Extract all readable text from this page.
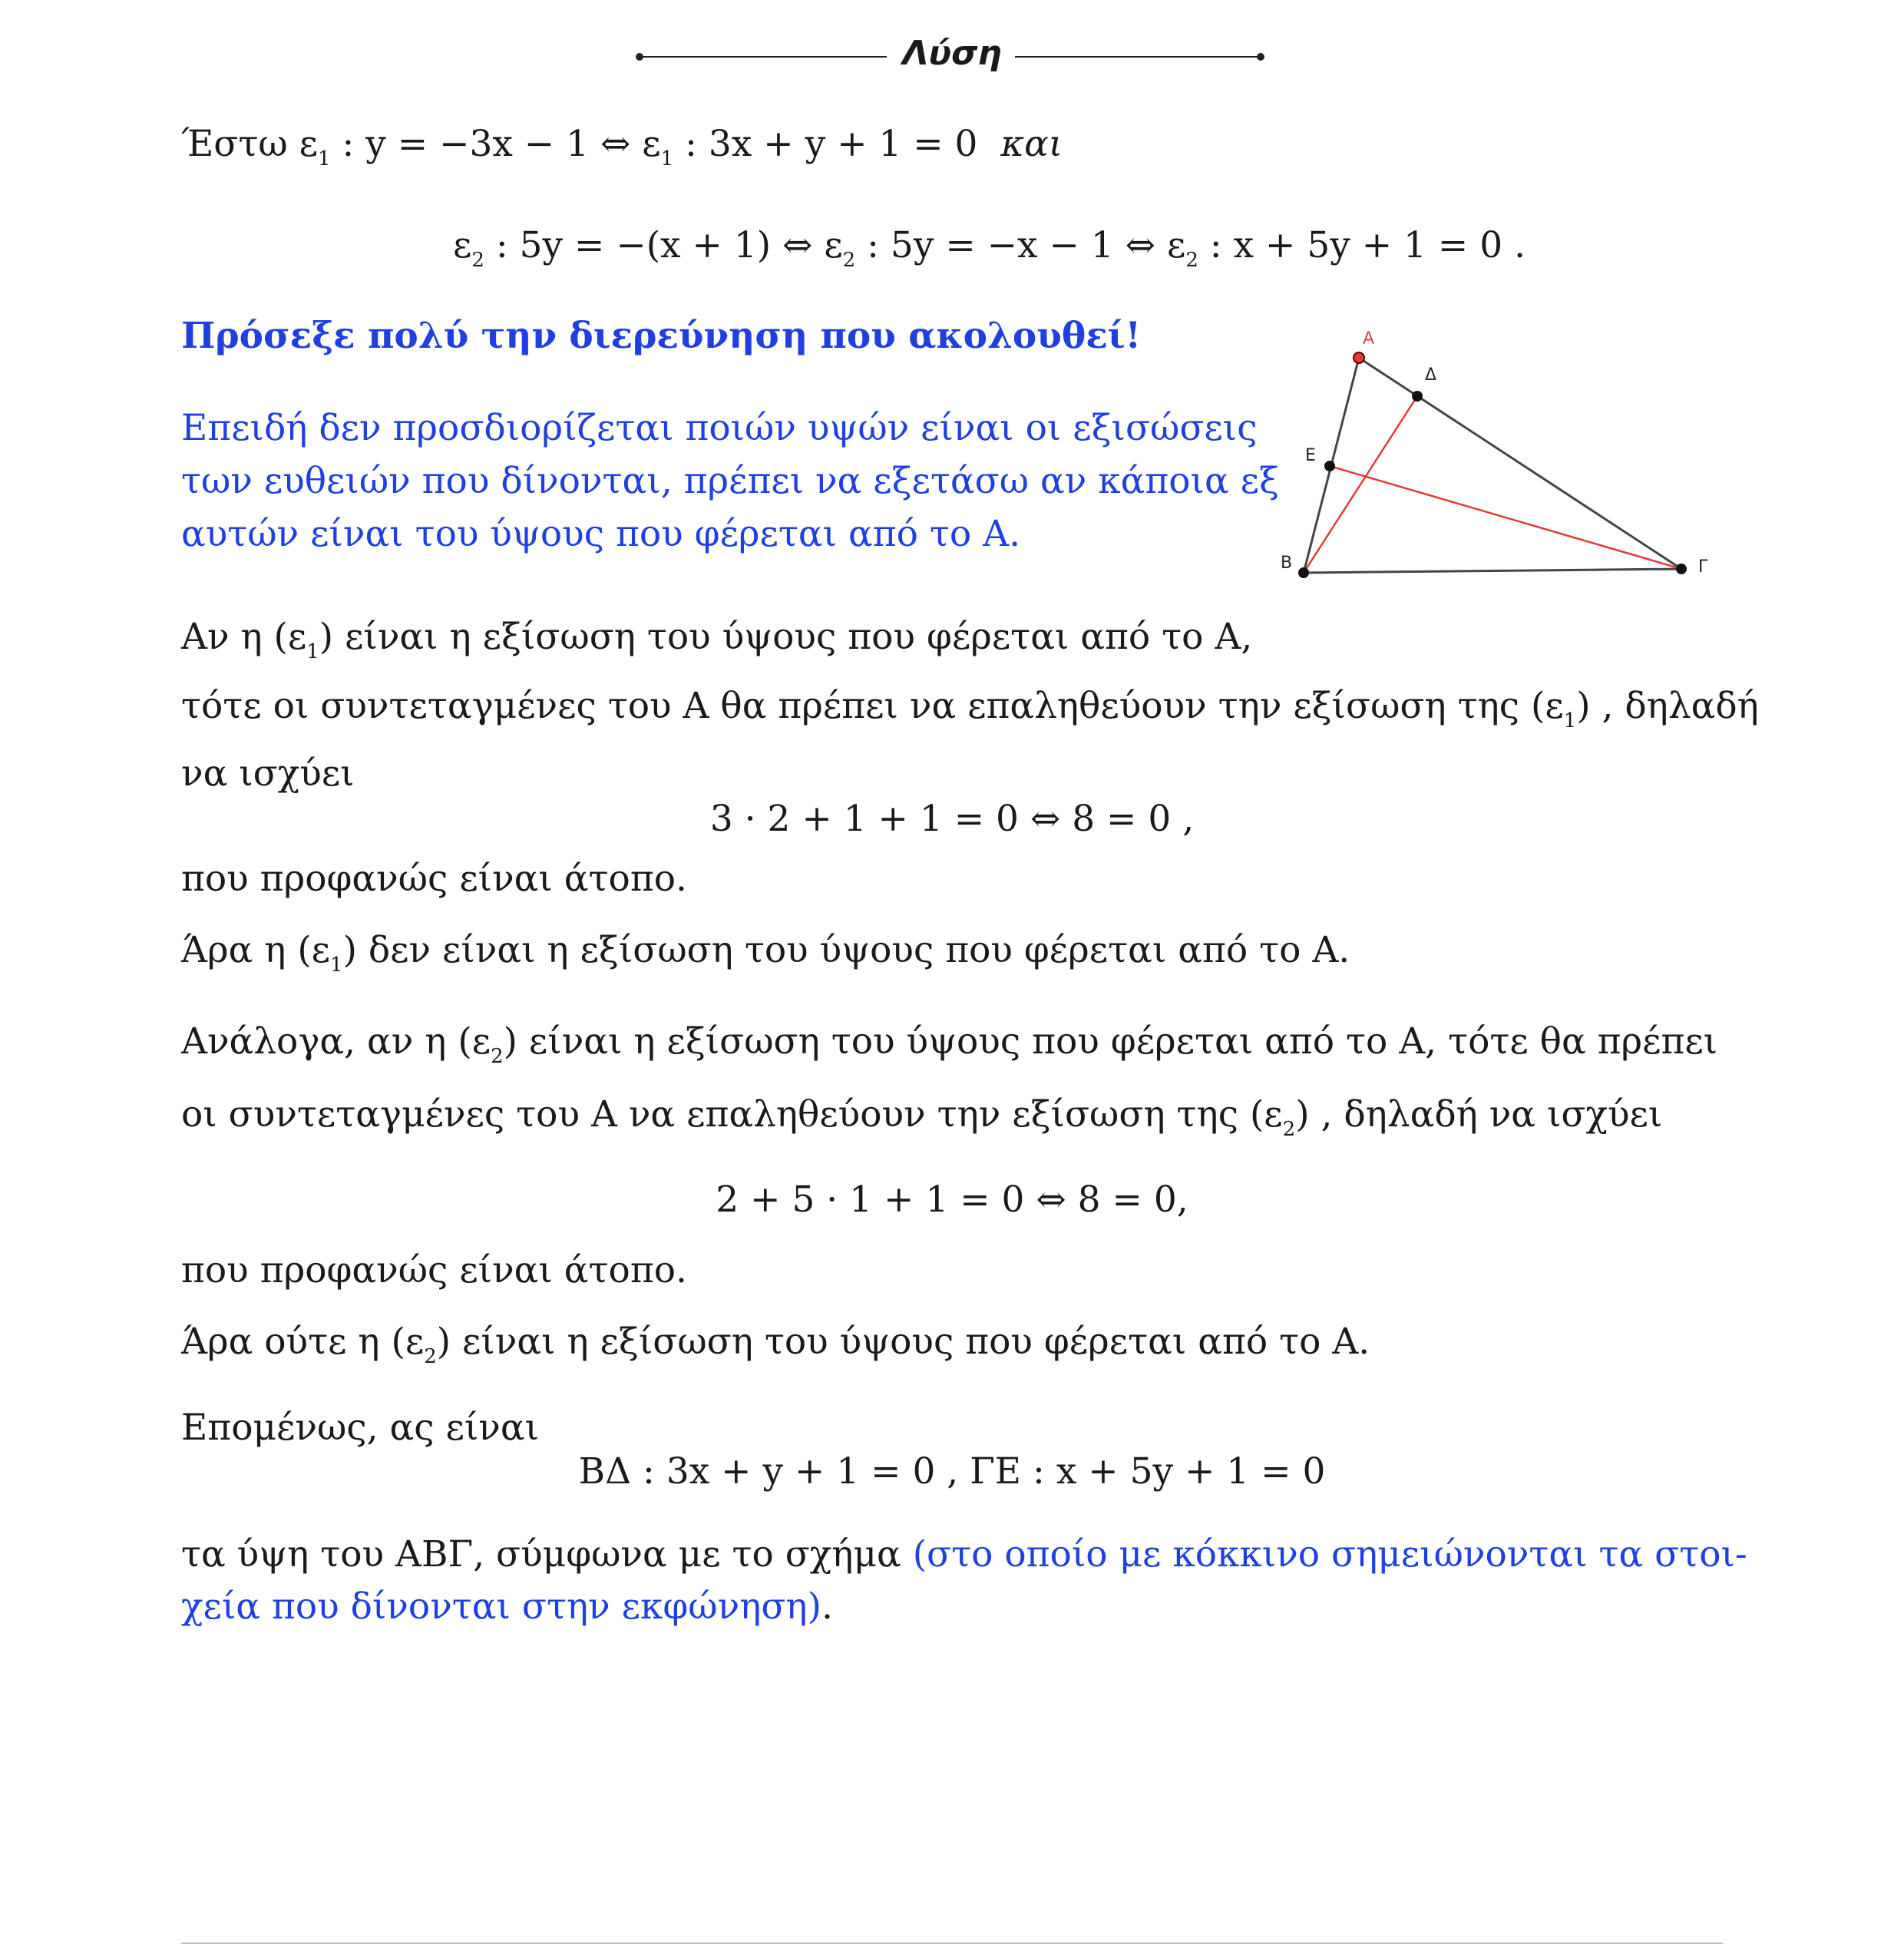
Λύση
Έστω $\varepsilon_1$ : y = −3x − 1 ⇔ $\varepsilon_1$ : 3x + y + 1 = 0 και
$\varepsilon_2$ : 5y = −(x + 1) ⇔ $\varepsilon_2$ : 5y = −x − 1 ⇔ $\varepsilon_2$ : x + 5y + 1 = 0 .
Πρόσεξε πολύ την διερεύνηση που ακολουθεί!
Επειδή δεν προσδιορίζεται ποιών υψών είναι οι εξισώσεις
των ευθειών που δίνονται, πρέπει να εξετάσω αν κάποια εξ
αυτών είναι του ύψους που φέρεται από το Α.
Α
Δ
Ε
Β	Γ
Αν η $(\varepsilon_1)$ είναι η εξίσωση του ύψους που φέρεται από το Α,
τότε οι συντεταγμένες του Α θα πρέπει να επαληθεύουν την εξίσωση της $(\varepsilon_1)$ , δηλαδή
να ισχύει
3 · 2 + 1 + 1 = 0 ⇔ 8 = 0 ,
που προφανώς είναι άτοπο.
Άρα η $(\varepsilon_1)$ δεν είναι η εξίσωση του ύψους που φέρεται από το Α.
Ανάλογα, αν η $(\varepsilon_2)$ είναι η εξίσωση του ύψους που φέρεται από το Α, τότε θα πρέπει
οι συντεταγμένες του Α να επαληθεύουν την εξίσωση της $(\varepsilon_2)$ , δηλαδή να ισχύει
2 + 5 · 1 + 1 = 0 ⇔ 8 = 0,
που προφανώς είναι άτοπο.
Άρα ούτε η $(\varepsilon_2)$ είναι η εξίσωση του ύψους που φέρεται από το Α.
Επομένως, ας είναι
ΒΔ : 3x + y + 1 = 0 , ΓΕ : x + 5y + 1 = 0
τα ύψη του ΑΒΓ, σύμφωνα με το σχήμα (στο οποίο με κόκκινο σημειώνονται τα στοι-
χεία που δίνονται στην εκφώνηση).
